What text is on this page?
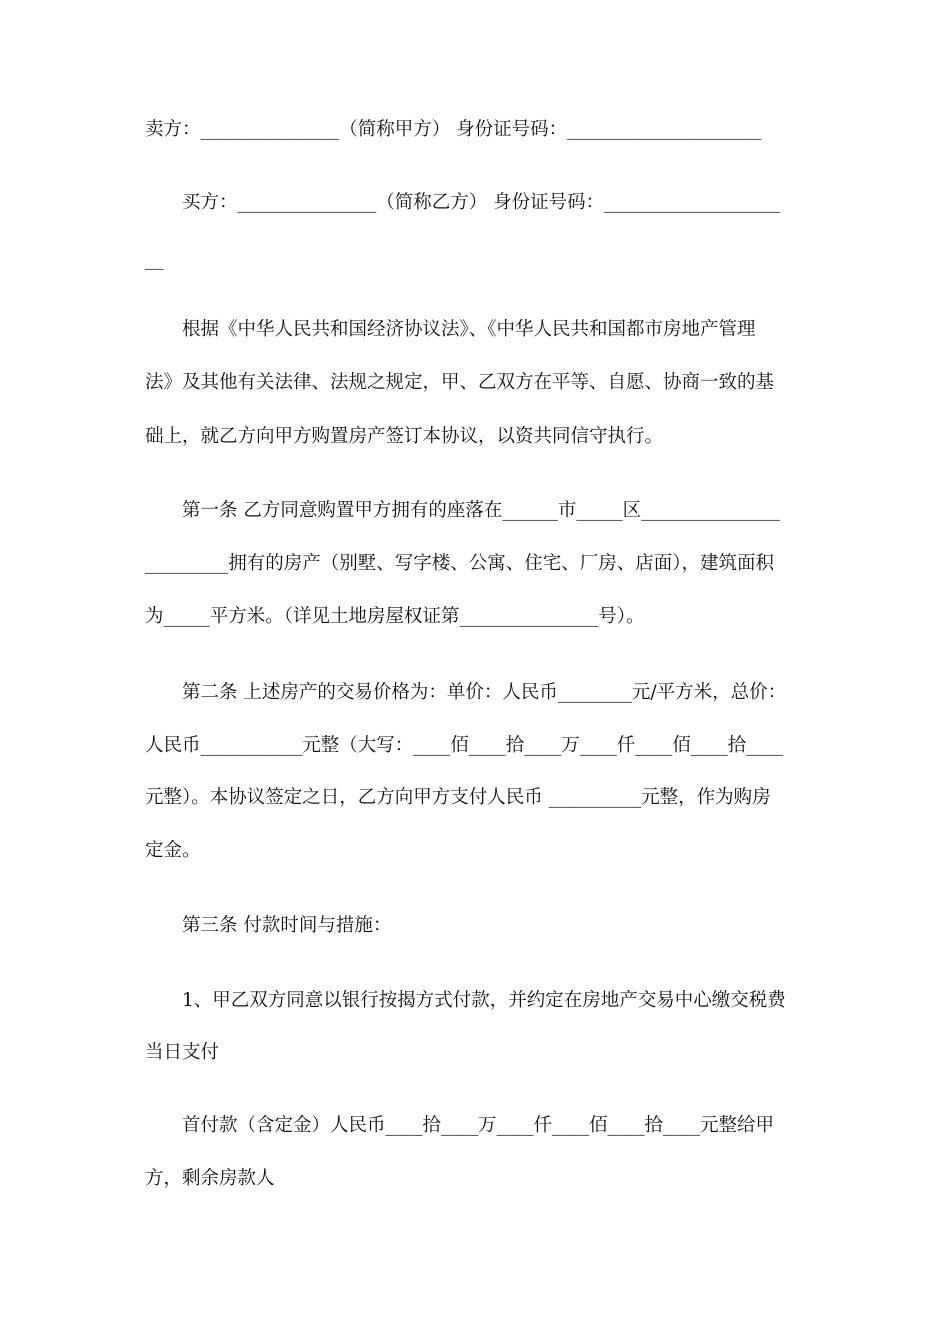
卖方：_______________（简称甲方） 身份证号码：_____________________
买方：_______________（简称乙方） 身份证号码：___________________
__
根据《中华人民共和国经济协议法》、《中华人民共和国都市房地产管理
法》及其他有关法律、法规之规定，甲、乙双方在平等、自愿、协商一致的基
础上，就乙方向甲方购置房产签订本协议，以资共同信守执行。
第一条 乙方同意购置甲方拥有的座落在______市_____区_______________
_________拥有的房产（别墅、写字楼、公寓、住宅、厂房、店面），建筑面积
为_____平方米。（详见土地房屋权证第_______________号）。
第二条 上述房产的交易价格为：单价：人民币________元/平方米，总价：
人民币___________元整（大写：____佰____拾____万____仟____佰____拾____
元整）。本协议签定之日，乙方向甲方支付人民币 __________元整，作为购房
定金。
第三条 付款时间与措施：
1、甲乙双方同意以银行按揭方式付款，并约定在房地产交易中心缴交税费
当日支付
首付款（含定金）人民币____拾____万____仟____佰____拾____元整给甲
方，剩余房款人
